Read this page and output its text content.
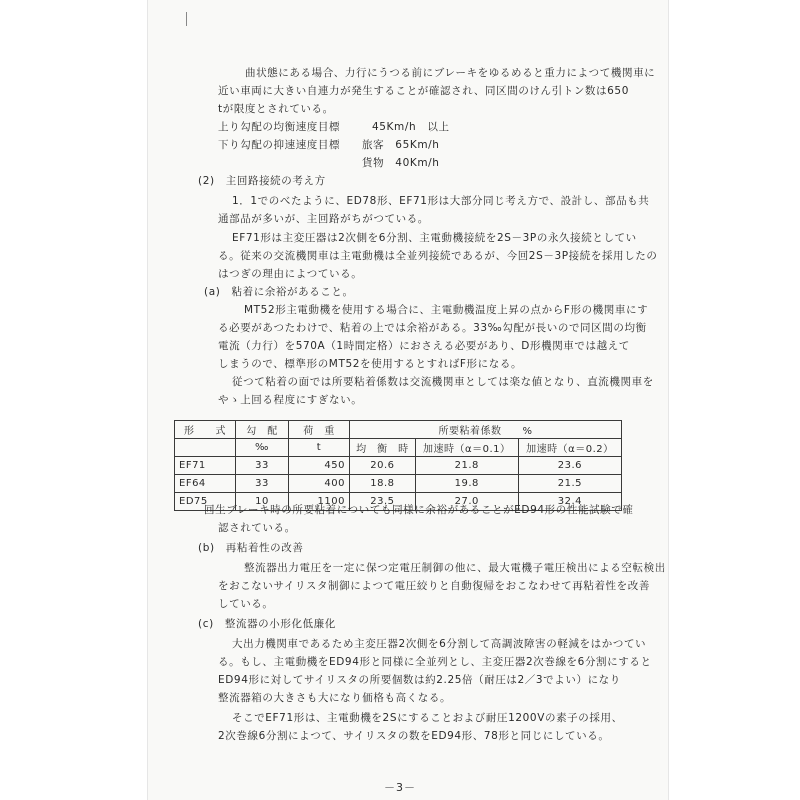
曲状態にある場合、力行にうつる前にブレーキをゆるめると重力によつて機関車に
近い車両に大きい自連力が発生することが確認され、同区間のけん引トン数は650
tが限度とされている。
上り勾配の均衡速度目標	45Km/h　以上
下り勾配の抑速速度目標 旅客　65Km/h
貨物　40Km/h
(2)　主回路接続の考え方
1．1でのべたように、ED78形、EF71形は大部分同じ考え方で、設計し、部品も共
通部品が多いが、主回路がちがつている。
EF71形は主変圧器は2次側を6分割、主電動機接続を2S－3Pの永久接続としてい
る。従来の交流機関車は主電動機は全並列接続であるが、今回2S－3P接続を採用したの
はつぎの理由によつている。
(a)　粘着に余裕があること。
MT52形主電動機を使用する場合に、主電動機温度上昇の点からF形の機関車にす
る必要があつたわけで、粘着の上では余裕がある。33‰勾配が長いので同区間の均衡
電流（力行）を570A（1時間定格）におさえる必要があり、D形機関車では越えて
しまうので、標準形のMT52を使用するとすればF形になる。
従つて粘着の面では所要粘着係数は交流機関車としては楽な値となり、直流機関車を
やゝ上回る程度にすぎない。
形　　式	勾　配	荷　重	所要粘着係数　　%		
	‰	t	均　衡　時	加速時（α＝0.1）	加速時（α＝0.2）
EF71	33	450	20.6	21.8	23.6
EF64	33	400	18.8	19.8	21.5
ED75	10	1100	23.5	27.0	32.4
回生ブレーキ時の所要粘着についても同様に余裕があることがED94形の性能試験で確
認されている。
(b)　再粘着性の改善
整流器出力電圧を一定に保つ定電圧制御の他に、最大電機子電圧検出による空転検出
をおこないサイリスタ制御によつて電圧絞りと自動復帰をおこなわせて再粘着性を改善
している。
(c)　整流器の小形化低廉化
大出力機関車であるため主変圧器2次側を6分割して高調波障害の軽減をはかつてい
る。もし、主電動機をED94形と同様に全並列とし、主変圧器2次巻線を6分割にすると
ED94形に対してサイリスタの所要個数は約2.25倍（耐圧は2／3でよい）になり
整流器箱の大きさも大になり価格も高くなる。
そこでEF71形は、主電動機を2Sにすることおよび耐圧1200Vの素子の採用、
2次巻線6分割によつて、サイリスタの数をED94形、78形と同じにしている。
－3－
